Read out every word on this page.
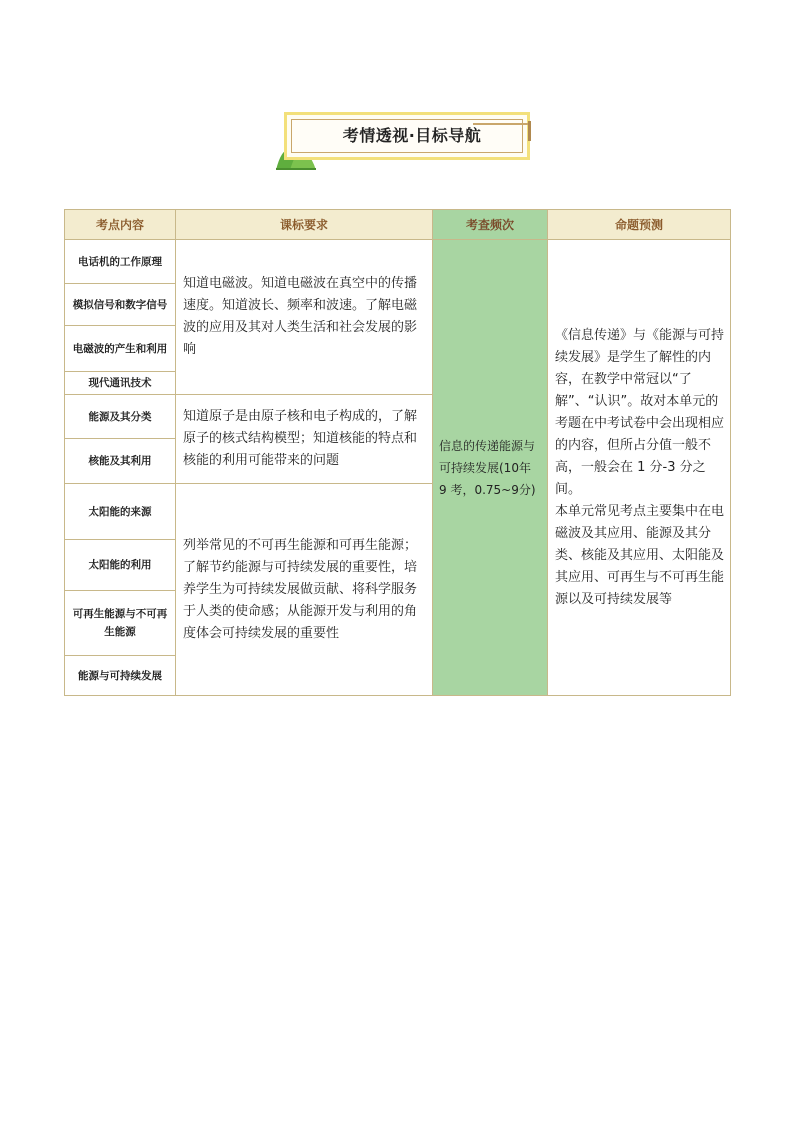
考情透视·目标导航
考点内容	课标要求	考查频次	命题预测
电话机的工作原理	知道电磁波。知道电磁波在真空中的传播速度。知道波长、频率和波速。了解电磁波的应用及其对人类生活和社会发展的影响	信息的传递能源与可持续发展(10年 9 考，0.75~9分)	《信息传递》与《能源与可持续发展》是学生了解性的内容，在教学中常冠以“了解”、“认识”。故对本单元的考题在中考试卷中会出现相应的内容，但所占分值一般不高，一般会在 1 分-3 分之间。
本单元常见考点主要集中在电磁波及其应用、能源及其分类、核能及其应用、太阳能及其应用、可再生与不可再生能源以及可持续发展等

模拟信号和数字信号			
电磁波的产生和利用			
现代通讯技术			
能源及其分类	知道原子是由原子核和电子构成的，了解原子的核式结构模型；知道核能的特点和核能的利用可能带来的问题		
核能及其利用			
太阳能的来源	列举常见的不可再生能源和可再生能源；了解节约能源与可持续发展的重要性，培养学生为可持续发展做贡献、将科学服务于人类的使命感；从能源开发与利用的角度体会可持续发展的重要性		
太阳能的利用			
可再生能源与不可再生能源			
能源与可持续发展			
